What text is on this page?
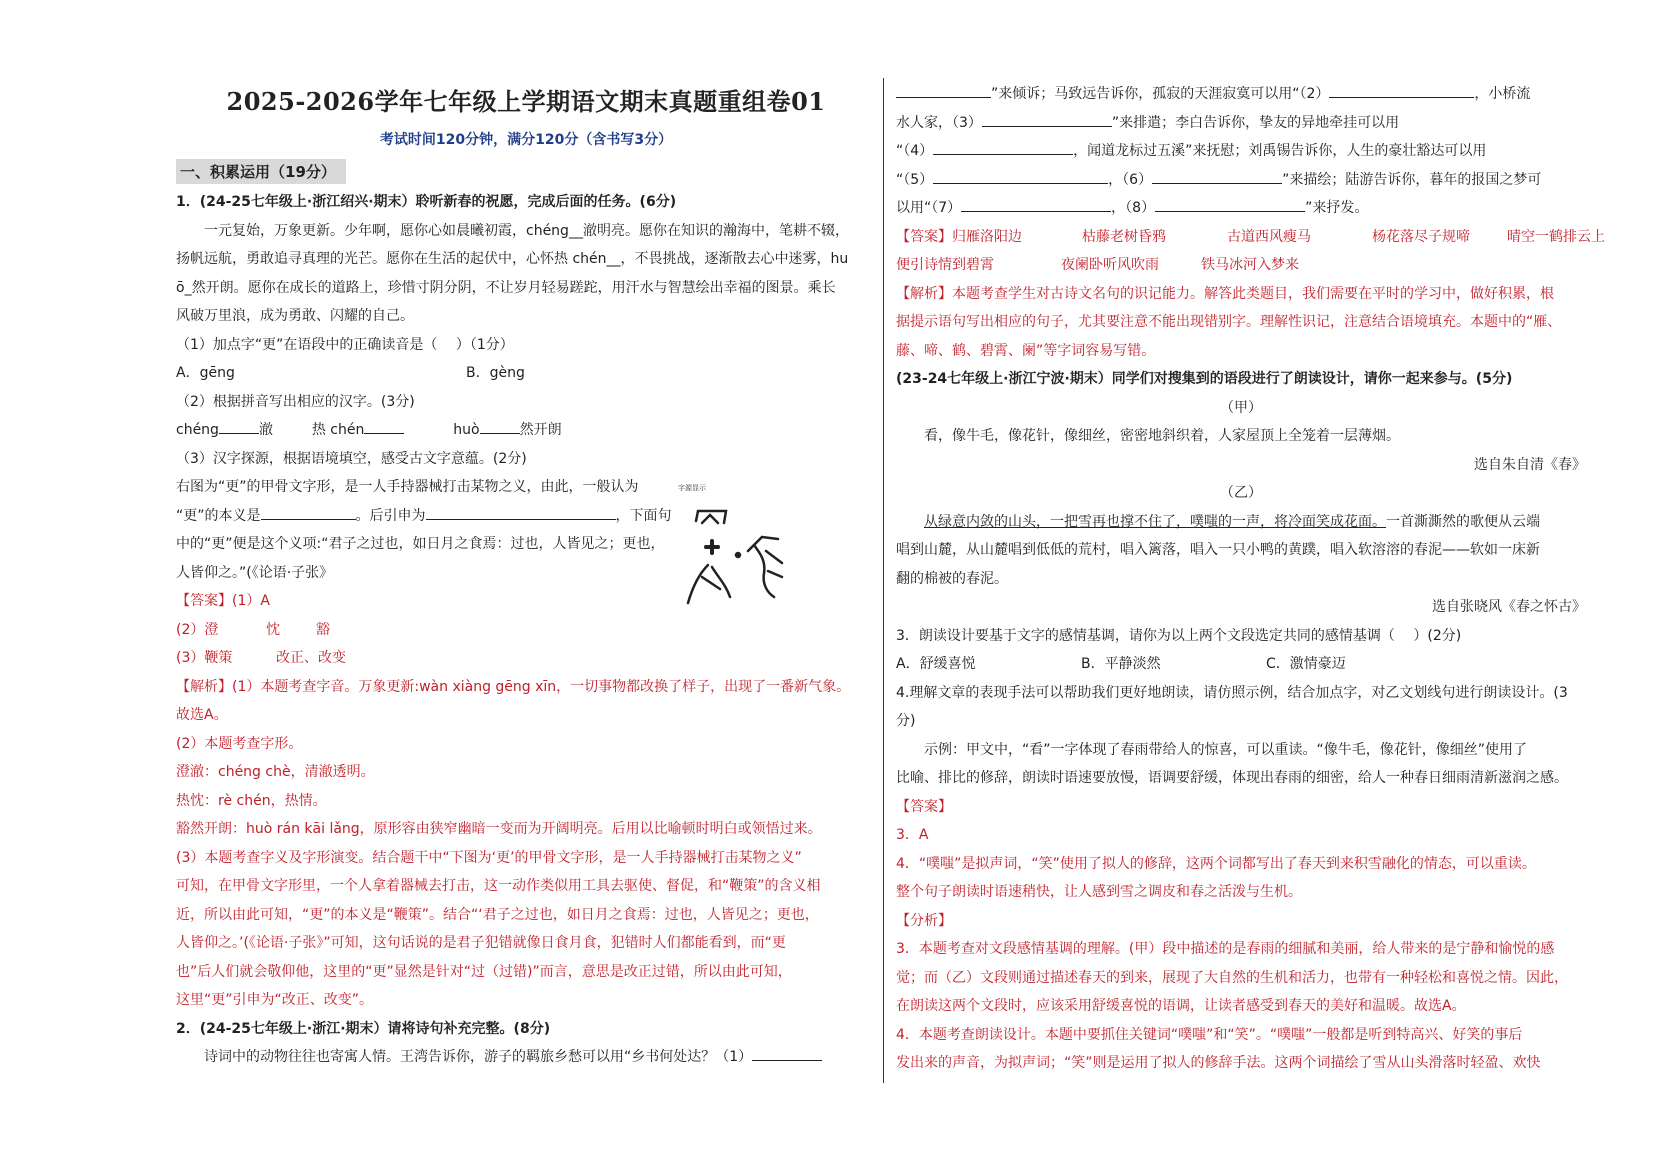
2025-2026学年七年级上学期语文期末真题重组卷01
考试时间120分钟，满分120分（含书写3分）
一、积累运用（19分）
1．(24-25七年级上·浙江绍兴·期末）聆听新春的祝愿，完成后面的任务。(6分)
一元复始，万象更新。少年啊，愿你心如晨曦初霞，chéng__澈明亮。愿你在知识的瀚海中，笔耕不辍，
扬帆远航，勇敢追寻真理的光芒。愿你在生活的起伏中，心怀热 chén__，不畏挑战，逐渐散去心中迷雾，hu
ō_然开朗。愿你在成长的道路上，珍惜寸阴分阴，不让岁月轻易蹉跎，用汗水与智慧绘出幸福的图景。乘长
风破万里浪，成为勇敢、闪耀的自己。
（1）加点字“更”在语段中的正确读音是（　 ）（1分）
A．gēng	B．gèng
（2）根据拼音写出相应的汉字。(3分)
chéng	澈	热 chén	huò	然开朗
（3）汉字探源，根据语境填空，感受古文字意蕴。(2分)
右图为“更”的甲骨文字形，是一人手持器械打击某物之义，由此，一般认为
“更”的本义是	。后引申为	，下面句
中的“更”便是这个义项:“君子之过也，如日月之食焉：过也，人皆见之；更也，
人皆仰之。”(《论语·子张》
字源显示
【答案】(1）A
(2）澄	忱	豁
(3）鞭策	改正、改变
【解析】(1）本题考查字音。万象更新:wàn xiàng gēng xīn，一切事物都改换了样子，出现了一番新气象。
故选A。
(2）本题考查字形。
澄澈：chéng chè，清澈透明。
热忱：rè chén，热情。
豁然开朗：huò rán kāi lǎng，原形容由狭窄幽暗一变而为开阔明亮。后用以比喻顿时明白或领悟过来。
(3）本题考查字义及字形演变。结合题干中“下图为‘更’的甲骨文字形，是一人手持器械打击某物之义”
可知，在甲骨文字形里，一个人拿着器械去打击，这一动作类似用工具去驱使、督促，和“鞭策”的含义相
近，所以由此可知，“更”的本义是“鞭策”。结合“‘君子之过也，如日月之食焉：过也，人皆见之；更也，
人皆仰之。’(《论语·子张》”可知，这句话说的是君子犯错就像日食月食，犯错时人们都能看到，而“更
也”后人们就会敬仰他，这里的“更”显然是针对“过（过错)”而言，意思是改正过错，所以由此可知，
这里“更”引申为“改正、改变”。
2．(24-25七年级上·浙江·期末）请将诗句补充完整。(8分)
诗词中的动物往往也寄寓人情。王湾告诉你，游子的羁旅乡愁可以用“乡书何处达？（1）
”来倾诉；马致远告诉你，孤寂的天涯寂寞可以用“（2）	，小桥流
水人家，（3）	”来排遣；李白告诉你，挚友的异地牵挂可以用
“（4）	，闻道龙标过五溪”来抚慰；刘禹锡告诉你，人生的豪壮豁达可以用
“（5）	，（6）	”来描绘；陆游告诉你，暮年的报国之梦可
以用“（7）	，（8）	”来抒发。
【答案】归雁洛阳边	枯藤老树昏鸦	古道西风瘦马	杨花落尽子规啼	晴空一鹤排云上
便引诗情到碧霄	夜阑卧听风吹雨	铁马冰河入梦来
【解析】本题考查学生对古诗文名句的识记能力。解答此类题目，我们需要在平时的学习中，做好积累，根
据提示语句写出相应的句子，尤其要注意不能出现错别字。理解性识记，注意结合语境填充。本题中的“雁、
藤、啼、鹤、碧霄、阑”等字词容易写错。
(23-24七年级上·浙江宁波·期末）同学们对搜集到的语段进行了朗读设计，请你一起来参与。(5分)
（甲）
看，像牛毛，像花针，像细丝，密密地斜织着，人家屋顶上全笼着一层薄烟。
选自朱自清《春》
（乙）
从绿意内敛的山头，一把雪再也撑不住了，噗嗤的一声，将冷面笑成花面。一首澌澌然的歌便从云端
唱到山麓，从山麓唱到低低的荒村，唱入篱落，唱入一只小鸭的黄蹼，唱入软溶溶的春泥——软如一床新
翻的棉被的春泥。
选自张晓风《春之怀古》
3．朗读设计要基于文字的感情基调，请你为以上两个文段选定共同的感情基调（　 ）(2分)
A．舒缓喜悦	B．平静淡然	C．激情豪迈
4.理解文章的表现手法可以帮助我们更好地朗读，请仿照示例，结合加点字，对乙文划线句进行朗读设计。(3
分)
示例：甲文中，“看”一字体现了春雨带给人的惊喜，可以重读。“像牛毛，像花针，像细丝”使用了
比喻、排比的修辞，朗读时语速要放慢，语调要舒缓，体现出春雨的细密，给人一种春日细雨清新滋润之感。
【答案】
3．A
4．“噗嗤”是拟声词，“笑”使用了拟人的修辞，这两个词都写出了春天到来积雪融化的情态，可以重读。
整个句子朗读时语速稍快，让人感到雪之调皮和春之活泼与生机。
【分析】
3．本题考查对文段感情基调的理解。(甲）段中描述的是春雨的细腻和美丽，给人带来的是宁静和愉悦的感
觉；而（乙）文段则通过描述春天的到来，展现了大自然的生机和活力，也带有一种轻松和喜悦之情。因此，
在朗读这两个文段时，应该采用舒缓喜悦的语调，让读者感受到春天的美好和温暖。故选A。
4．本题考查朗读设计。本题中要抓住关键词“噗嗤”和“笑”。“噗嗤”一般都是听到特高兴、好笑的事后
发出来的声音，为拟声词；“笑”则是运用了拟人的修辞手法。这两个词描绘了雪从山头滑落时轻盈、欢快
